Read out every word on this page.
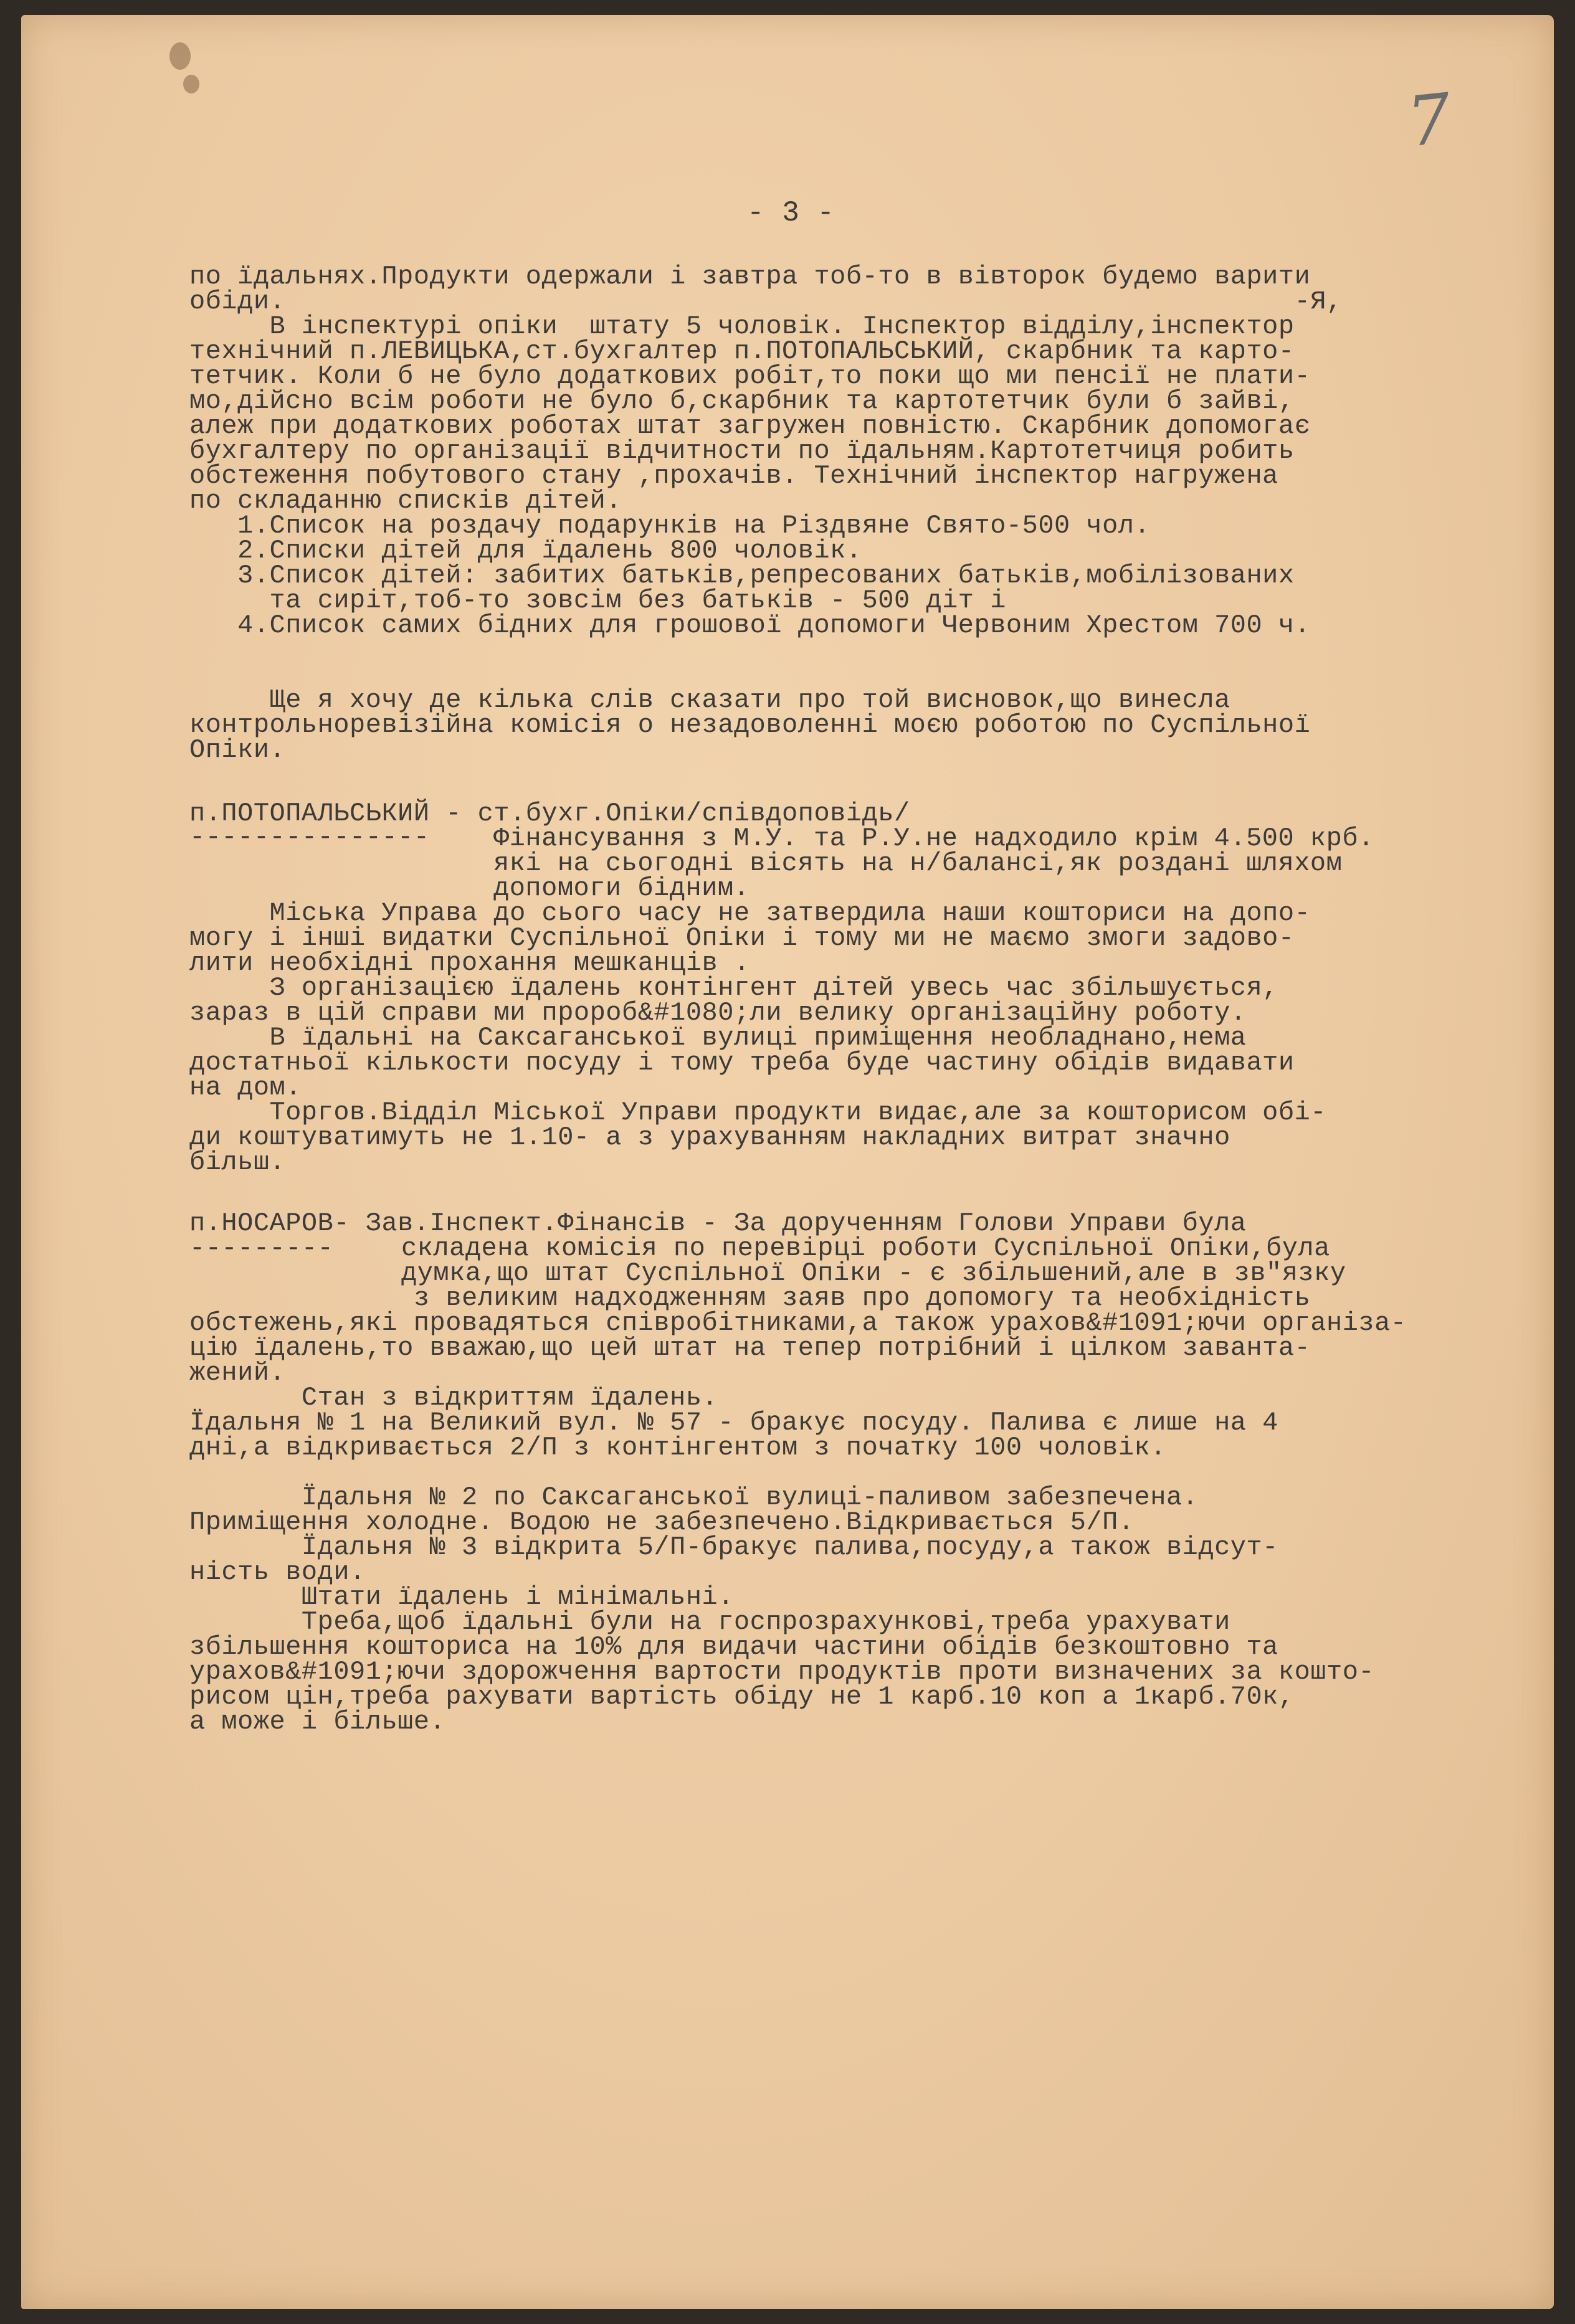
7
- 3 -
по їдальнях.Продукти одержали і завтра тоб-то в вівторок будемо варити
обіди.                                                               -Я,
В інспектурі опіки  штату 5 чоловік. Інспектор відділу,інспектор
технічний п.ЛЕВИЦЬКА,ст.бухгалтер п.ПОТОПАЛЬСЬКИЙ, скарбник та карто-
тетчик. Коли б не було додаткових робіт,то поки що ми пенсії не плати-
мо,дійсно всім роботи не було б,скарбник та картотетчик були б зайві,
алеж при додаткових роботах штат загружен повністю. Скарбник допомогає
бухгалтеру по організації відчитности по їдальням.Картотетчиця робить
обстеження побутового стану ,прохачів. Технічний інспектор нагружена
по складанню списків дітей.
1.Список на роздачу подарунків на Різдвяне Свято-500 чол.
2.Списки дітей для їдалень 800 чоловік.
3.Список дітей: забитих батьків,репресованих батьків,мобілізованих
та сиріт,тоб-то зовсім без батьків - 500 діт і
4.Список самих бідних для грошової допомоги Червоним Хрестом 700 ч.
Ще я хочу де кілька слів сказати про той висновок,що винесла
контрольноревізійна комісія о незадоволенні моєю роботою по Суспільної
Опіки.
п.ПОТОПАЛЬСЬКИЙ - ст.бухг.Опіки/співдоповідь/
--------------- Фінансування з М.У. та Р.У.не надходило крім 4.500 крб.
які на сьогодні вісять на н/балансі,як роздані шляхом
допомоги бідним.
Міська Управа до сього часу не затвердила наши кошториси на допо-
могу і інші видатки Суспільної Опіки і тому ми не маємо змоги задово-
лити необхідні прохання мешканців .
З організацією їдалень контінгент дітей увесь час збільшується,
зараз в цій справи ми пророб&#1080;ли велику організаційну роботу.
В їдальні на Саксаганської вулиці приміщення необладнано,нема
достатньої кількости посуду і тому треба буде частину обідів видавати
на дом.
Торгов.Відділ Міської Управи продукти видає,але за кошторисом обі-
ди коштуватимуть не 1.10- а з урахуванням накладних витрат значно
більш.
п.НОСАРОВ- Зав.Інспект.Фінансів - За дорученням Голови Управи була
---------	складена комісія по перевірці роботи Суспільної Опіки,була
думка,що штат Суспільної Опіки - є збільшений,але в зв"язку
з великим надходженням заяв про допомогу та необхідність
обстежень,які провадяться співробітниками,а також урахов&#1091;ючи організа-
цію їдалень,то вважаю,що цей штат на тепер потрібний і цілком заванта-
жений.
Стан з відкриттям їдалень.
Їдальня № 1 на Великий вул. № 57 - бракує посуду. Палива є лише на 4
дні,а відкривається 2/П з контінгентом з початку 100 чоловік.
Їдальня № 2 по Саксаганської вулиці-паливом забезпечена.
Приміщення холодне. Водою не забезпечено.Відкривається 5/П.
Їдальня № 3 відкрита 5/П-бракує палива,посуду,а також відсут-
ність води.
Штати їдалень і мінімальні.
Треба,щоб їдальні були на госпрозрахункові,треба урахувати
збільшення кошториса на 10% для видачи частини обідів безкоштовно та
урахов&#1091;ючи здорожчення вартости продуктів проти визначених за кошто-
рисом цін,треба рахувати вартість обіду не 1 карб.10 коп а 1карб.70к,
а може і більше.
